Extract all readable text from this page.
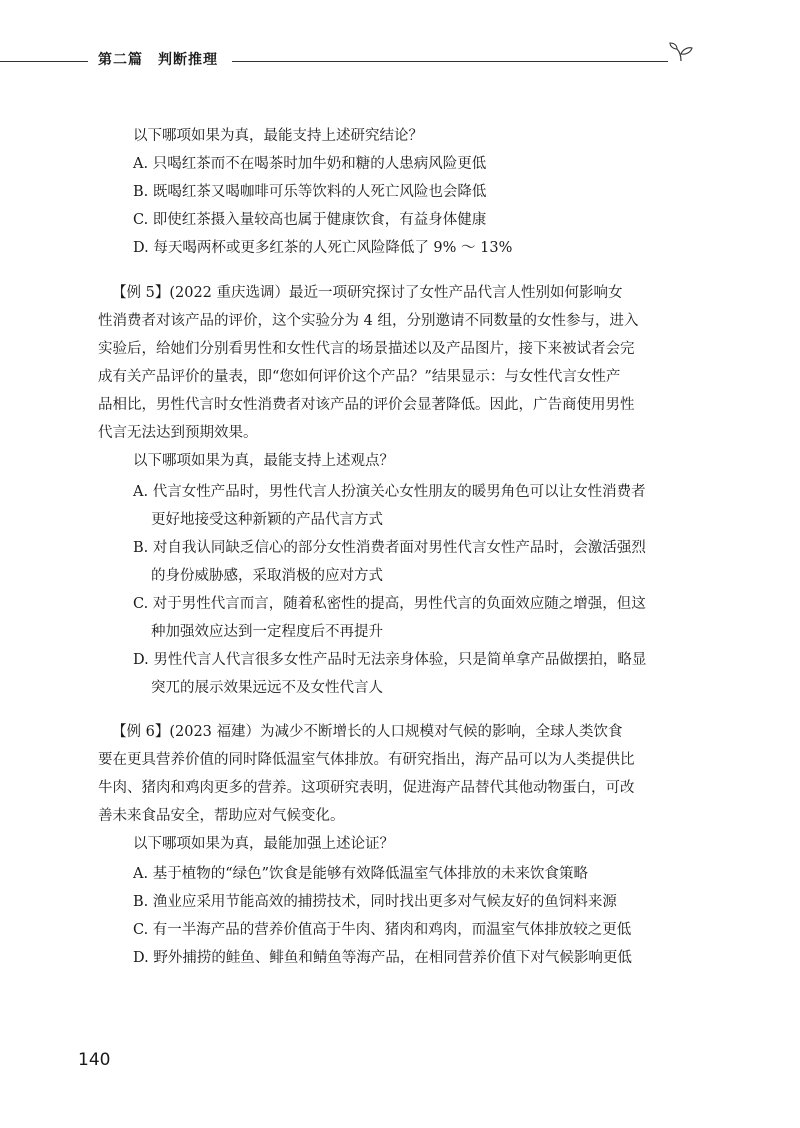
第二篇　判断推理
以下哪项如果为真，最能支持上述研究结论？
A. 只喝红茶而不在喝茶时加牛奶和糖的人患病风险更低
B. 既喝红茶又喝咖啡可乐等饮料的人死亡风险也会降低
C. 即使红茶摄入量较高也属于健康饮食，有益身体健康
D. 每天喝两杯或更多红茶的人死亡风险降低了 9% ～ 13%
【例 5】(2022 重庆选调）最近一项研究探讨了女性产品代言人性别如何影响女
性消费者对该产品的评价，这个实验分为 4 组，分别邀请不同数量的女性参与，进入
实验后，给她们分别看男性和女性代言的场景描述以及产品图片，接下来被试者会完
成有关产品评价的量表，即“您如何评价这个产品？”结果显示：与女性代言女性产
品相比，男性代言时女性消费者对该产品的评价会显著降低。因此，广告商使用男性
代言无法达到预期效果。
以下哪项如果为真，最能支持上述观点？
A. 代言女性产品时，男性代言人扮演关心女性朋友的暖男角色可以让女性消费者
更好地接受这种新颖的产品代言方式
B. 对自我认同缺乏信心的部分女性消费者面对男性代言女性产品时，会激活强烈
的身份威胁感，采取消极的应对方式
C. 对于男性代言而言，随着私密性的提高，男性代言的负面效应随之增强，但这
种加强效应达到一定程度后不再提升
D. 男性代言人代言很多女性产品时无法亲身体验，只是简单拿产品做摆拍，略显
突兀的展示效果远远不及女性代言人
【例 6】(2023 福建）为减少不断增长的人口规模对气候的影响，全球人类饮食
要在更具营养价值的同时降低温室气体排放。有研究指出，海产品可以为人类提供比
牛肉、猪肉和鸡肉更多的营养。这项研究表明，促进海产品替代其他动物蛋白，可改
善未来食品安全，帮助应对气候变化。
以下哪项如果为真，最能加强上述论证？
A. 基于植物的“绿色”饮食是能够有效降低温室气体排放的未来饮食策略
B. 渔业应采用节能高效的捕捞技术，同时找出更多对气候友好的鱼饲料来源
C. 有一半海产品的营养价值高于牛肉、猪肉和鸡肉，而温室气体排放较之更低
D. 野外捕捞的鲑鱼、鲱鱼和鲭鱼等海产品，在相同营养价值下对气候影响更低
140
